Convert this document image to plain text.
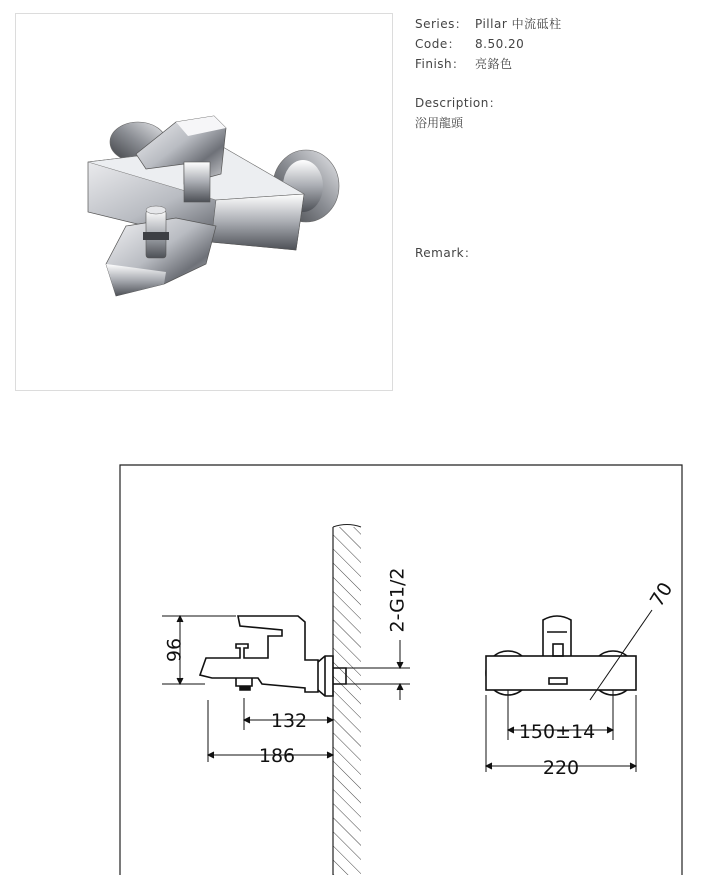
Series： Pillar 中流砥柱
Code：	8.50.20
Finish： 亮鉻色
Description：
浴用龍頭
Remark：
96
132
186
2-G1/2
150±14
220
70
